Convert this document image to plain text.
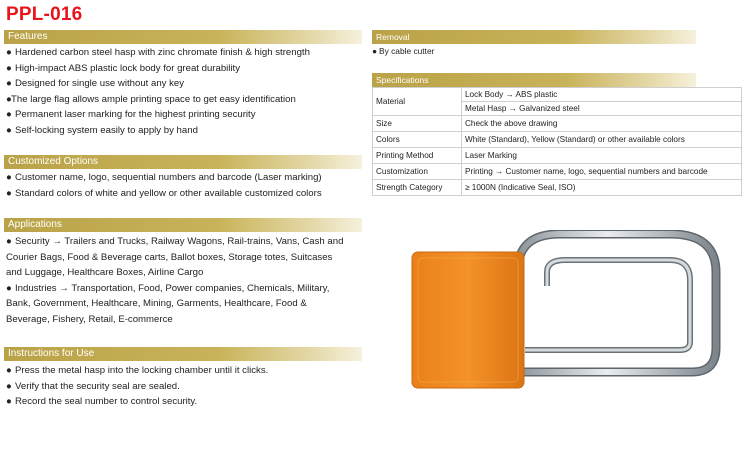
PPL-016
Features
● Hardened carbon steel hasp with zinc chromate finish & high strength
● High-impact ABS plastic lock body for great durability
● Designed for single use without any key
●The large flag allows ample printing space to get easy identification
● Permanent laser marking for the highest printing security
● Self-locking system easily to apply by hand
Customized Options
● Customer name, logo, sequential numbers and barcode (Laser marking)
● Standard colors of white and yellow or other available customized colors
Applications
● Security → Trailers and Trucks, Railway Wagons, Rail-trains, Vans, Cash and Courier Bags, Food & Beverage carts, Ballot boxes, Storage totes, Suitcases and Luggage, Healthcare Boxes, Airline Cargo
● Industries → Transportation, Food, Power companies, Chemicals, Military, Bank, Government, Healthcare, Mining, Garments, Healthcare, Food & Beverage, Fishery, Retail, E-commerce
Instructions for Use
● Press the metal hasp into the locking chamber until it clicks.
● Verify that the security seal are sealed.
● Record the seal number to control security.
Removal
● By cable cutter
Specifications
Material	Lock Body → ABS plastic
Metal Hasp → Galvanized steel

Size	Check the above drawing
Colors	White (Standard), Yellow (Standard) or other available colors
Printing Method	Laser Marking
Customization	Printing → Customer name, logo, sequential numbers and barcode
Strength Category	≥ 1000N (Indicative Seal, ISO)
